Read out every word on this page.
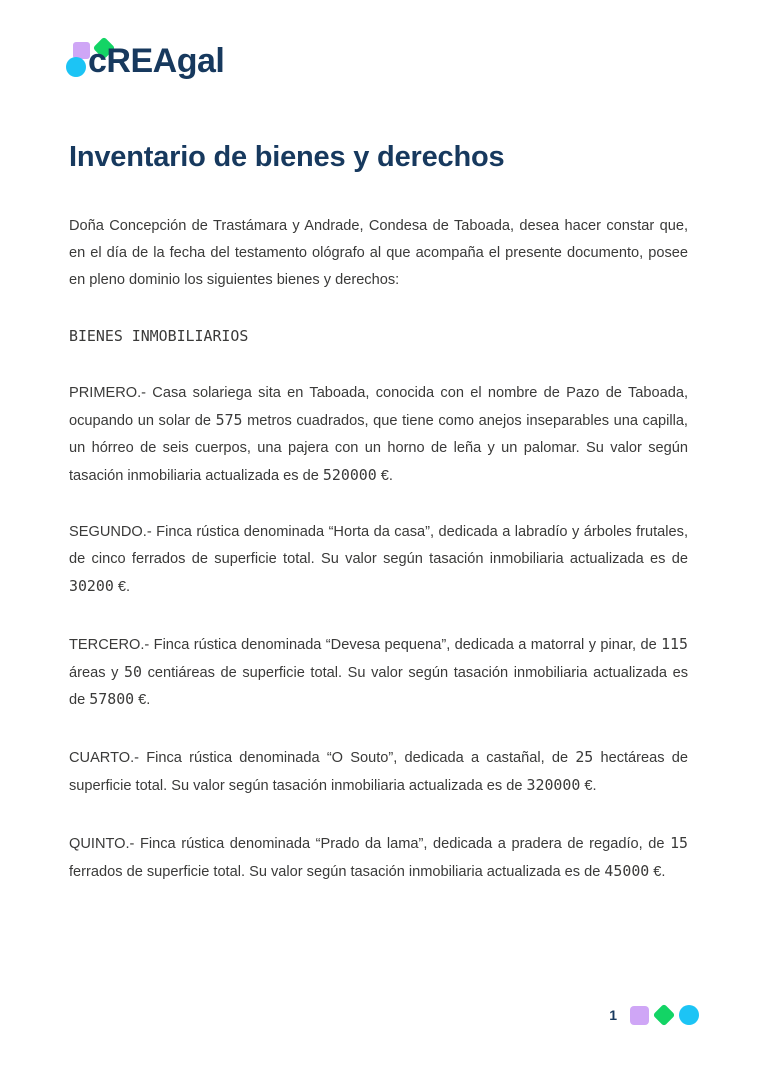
cREAgal
Inventario de bienes y derechos

Doña Concepción de Trastámara y Andrade, Condesa de Taboada, desea hacer constar que, en el día de la fecha del testamento ológrafo al que acompaña el presente documento, posee en pleno dominio los siguientes bienes y derechos:

BIENES INMOBILIARIOS

PRIMERO.- Casa solariega sita en Taboada, conocida con el nombre de Pazo de Taboada, ocupando un solar de 575 metros cuadrados, que tiene como anejos inseparables una capilla, un hórreo de seis cuerpos, una pajera con un horno de leña y un palomar. Su valor según tasación inmobiliaria actualizada es de 520000 €.

SEGUNDO.- Finca rústica denominada “Horta da casa”, dedicada a labradío y árboles frutales, de cinco ferrados de superficie total. Su valor según tasación inmobiliaria actualizada es de 30200 €.

TERCERO.- Finca rústica denominada “Devesa pequena”, dedicada a matorral y pinar, de 115 áreas y 50 centiáreas de superficie total. Su valor según tasación inmobiliaria actualizada es de 57800 €.

CUARTO.- Finca rústica denominada “O Souto”, dedicada a castañal, de 25 hectáreas de superficie total. Su valor según tasación inmobiliaria actualizada es de 320000 €.

QUINTO.- Finca rústica denominada “Prado da lama”, dedicada a pradera de regadío, de 15 ferrados de superficie total. Su valor según tasación inmobiliaria actualizada es de 45000 €.

1
